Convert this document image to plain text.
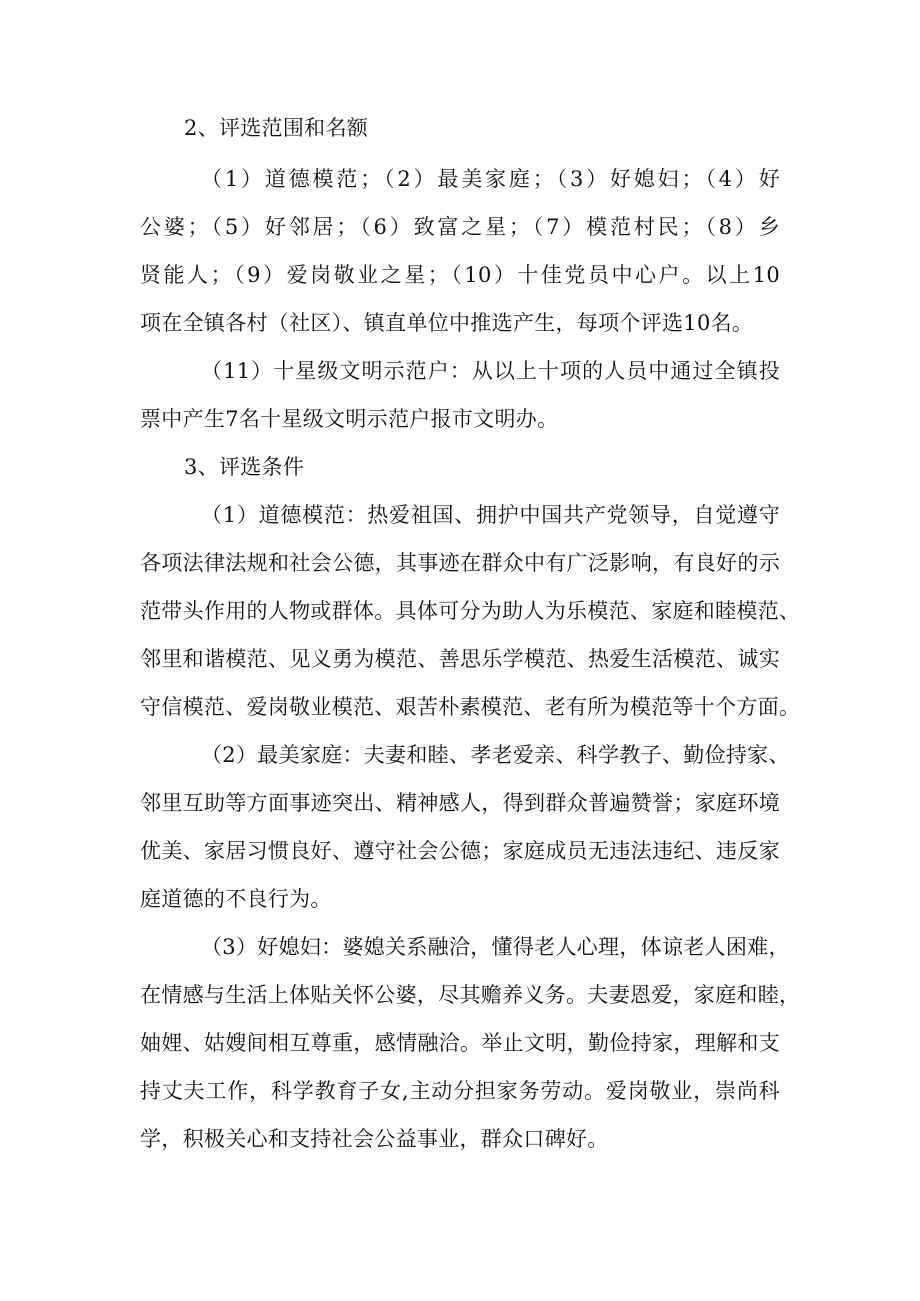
2、评选范围和名额
（1）道德模范；（2）最美家庭；（3）好媳妇；（4）好
公婆；（5）好邻居；（6）致富之星；（7）模范村民；（8）乡
贤能人；（9）爱岗敬业之星；（10）十佳党员中心户。以上10
项在全镇各村（社区）、镇直单位中推选产生，每项个评选10名。
（11）十星级文明示范户：从以上十项的人员中通过全镇投
票中产生7名十星级文明示范户报市文明办。
3、评选条件
（1）道德模范：热爱祖国、拥护中国共产党领导，自觉遵守
各项法律法规和社会公德，其事迹在群众中有广泛影响，有良好的示
范带头作用的人物或群体。具体可分为助人为乐模范、家庭和睦模范、
邻里和谐模范、见义勇为模范、善思乐学模范、热爱生活模范、诚实
守信模范、爱岗敬业模范、艰苦朴素模范、老有所为模范等十个方面。
（2）最美家庭：夫妻和睦、孝老爱亲、科学教子、勤俭持家、
邻里互助等方面事迹突出、精神感人，得到群众普遍赞誉；家庭环境
优美、家居习惯良好、遵守社会公德；家庭成员无违法违纪、违反家
庭道德的不良行为。
（3）好媳妇：婆媳关系融洽，懂得老人心理，体谅老人困难，
在情感与生活上体贴关怀公婆，尽其赡养义务。夫妻恩爱，家庭和睦，
妯娌、姑嫂间相互尊重，感情融洽。举止文明，勤俭持家，理解和支
持丈夫工作，科学教育子女,主动分担家务劳动。爱岗敬业，崇尚科
学，积极关心和支持社会公益事业，群众口碑好。
